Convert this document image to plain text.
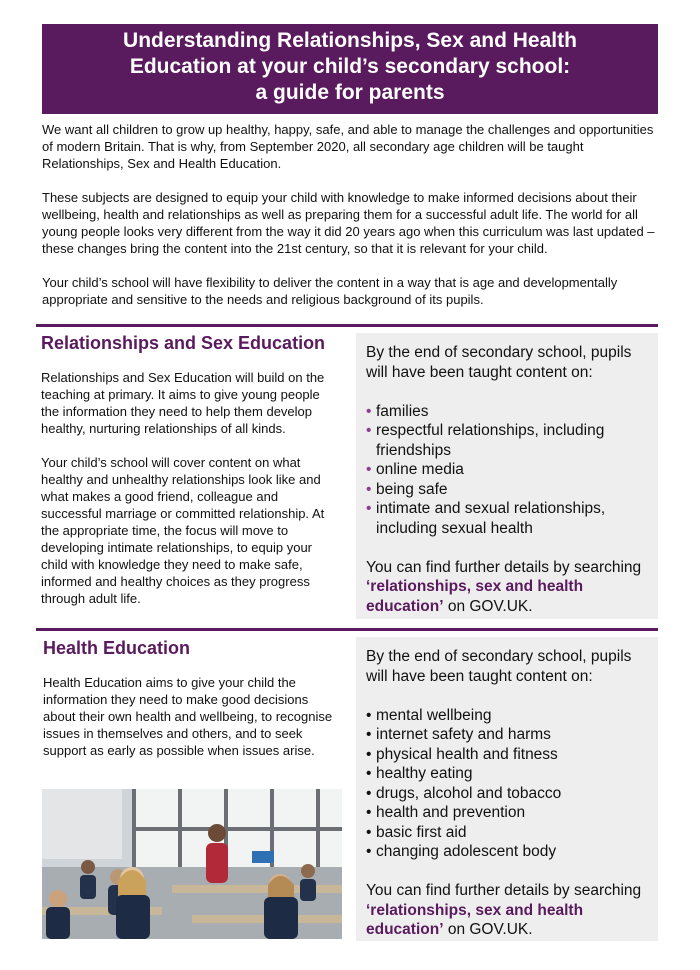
Understanding Relationships, Sex and Health
Education at your child’s secondary school:
a guide for parents

We want all children to grow up healthy, happy, safe, and able to manage the challenges and opportunities of modern Britain. That is why, from September 2020, all secondary age children will be taught Relationships, Sex and Health Education.

These subjects are designed to equip your child with knowledge to make informed decisions about their wellbeing, health and relationships as well as preparing them for a successful adult life. The world for all young people looks very different from the way it did 20 years ago when this curriculum was last updated – these changes bring the content into the 21st century, so that it is relevant for your child.

Your child’s school will have flexibility to deliver the content in a way that is age and developmentally appropriate and sensitive to the needs and religious background of its pupils.

Relationships and Sex Education

Relationships and Sex Education will build on the teaching at primary. It aims to give young people the information they need to help them develop healthy, nurturing relationships of all kinds.

Your child’s school will cover content on what healthy and unhealthy relationships look like and what makes a good friend, colleague and successful marriage or committed relationship. At the appropriate time, the focus will move to developing intimate relationships, to equip your child with knowledge they need to make safe, informed and healthy choices as they progress through adult life.

By the end of secondary school, pupils will have been taught content on:
• families
• respectful relationships, including friendships
• online media
• being safe
• intimate and sexual relationships, including sexual health
You can find further details by searching ‘relationships, sex and health education’ on GOV.UK.
Health Education

Health Education aims to give your child the information they need to make good decisions about their own health and wellbeing, to recognise issues in themselves and others, and to seek support as early as possible when issues arise.

By the end of secondary school, pupils will have been taught content on:
• mental wellbeing
• internet safety and harms
• physical health and fitness
• healthy eating
• drugs, alcohol and tobacco
• health and prevention
• basic first aid
• changing adolescent body
You can find further details by searching ‘relationships, sex and health education’ on GOV.UK.
